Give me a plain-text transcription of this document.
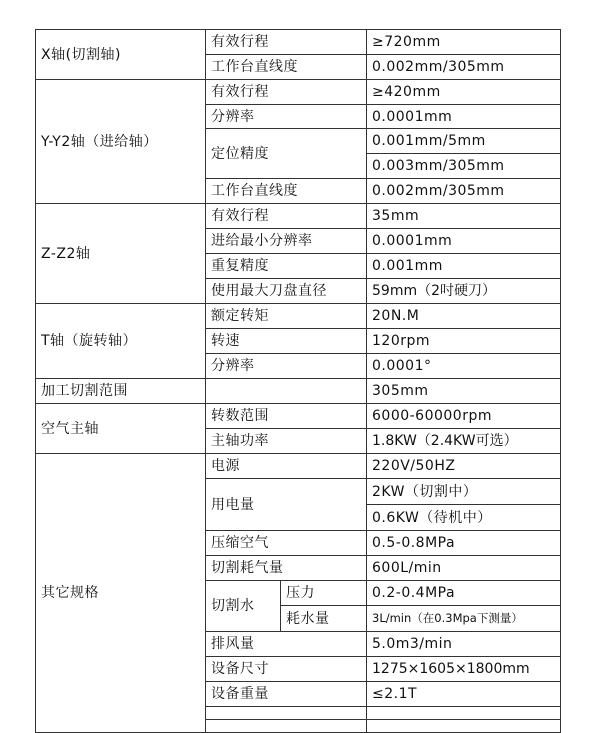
X轴(切割轴)	有效行程		≥720mm
	工作台直线度		0.002mm/305mm
Y-Y2轴（进给轴）	有效行程		≥420mm
	分辨率		0.0001mm
	定位精度		0.001mm/5mm
			0.003mm/305mm
	工作台直线度		0.002mm/305mm
Z-Z2轴	有效行程		35mm
	进给最小分辨率		0.0001mm
	重复精度		0.001mm
	使用最大刀盘直径		59mm（2吋硬刀）
T轴（旋转轴）	额定转矩		20N.M
	转速		120rpm
	分辨率		0.0001°
加工切割范围			305mm
空气主轴	转数范围		6000-60000rpm
	主轴功率		1.8KW（2.4KW可选）
其它规格	电源		220V/50HZ
	用电量		2KW（切割中）
			0.6KW（待机中）
	压缩空气		0.5-0.8MPa
	切割耗气量		600L/min
	切割水	压力	0.2-0.4MPa
		耗水量	3L/min（在0.3Mpa下测量）
	排风量		5.0m3/min
	设备尺寸		1275×1605×1800mm
	设备重量		≤2.1T
